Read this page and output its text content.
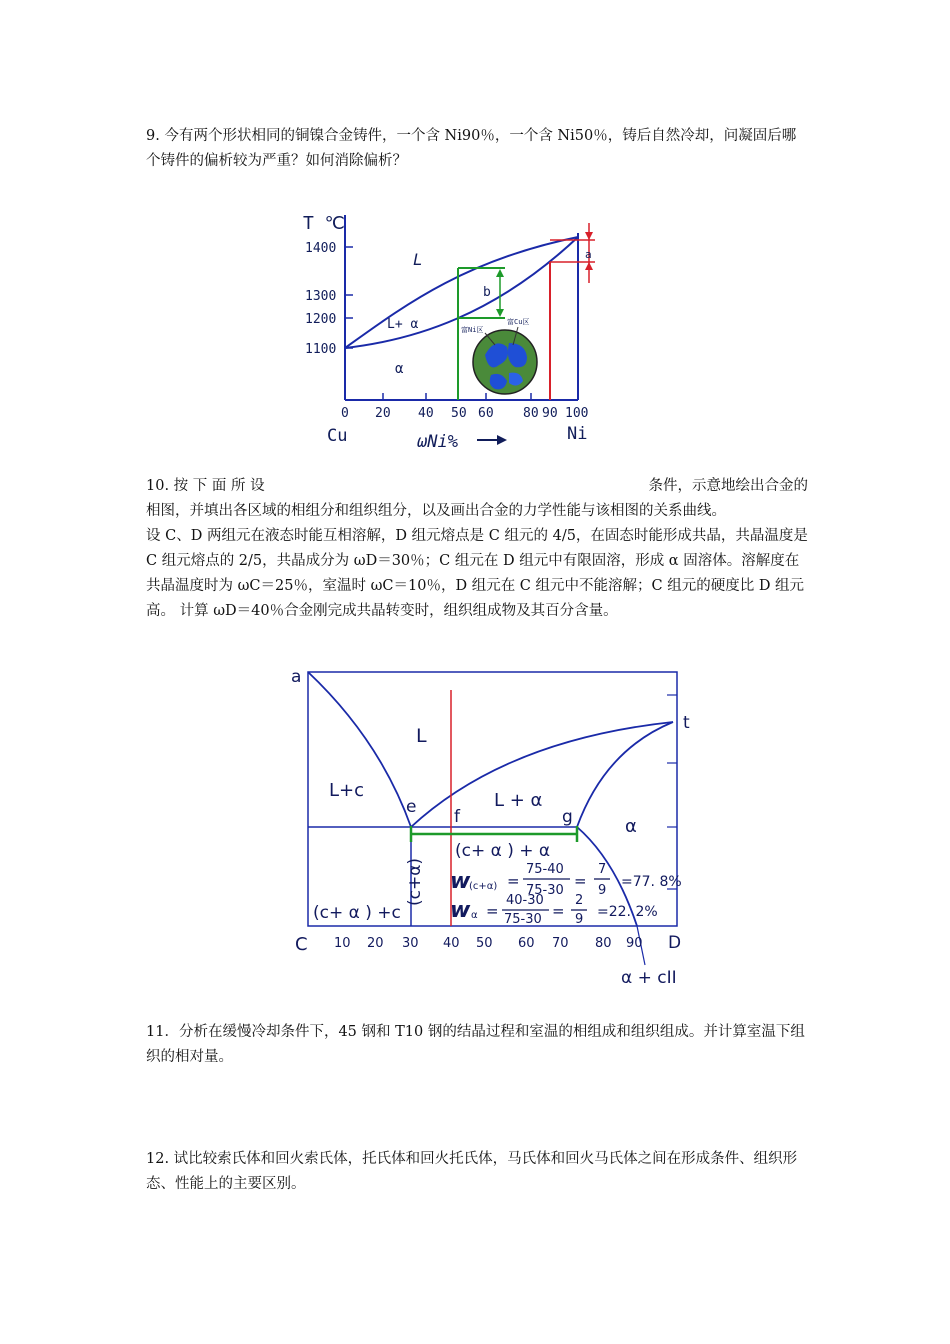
9. 今有两个形状相同的铜镍合金铸件，一个含 Ni90％，一个含 Ni50％，铸后自然冷却，问凝固后哪个铸件的偏析较为严重？如何消除偏析？

T ℃
1400
1300
1200
1100
0 20 40 50 60 80 90 100
Cu	Ni
ωNi%
L
L+ α
α
a
b
富Ni区
富Cu区
10. 按 下 面 所 设	条件，示意地绘出合金的
相图，并填出各区域的相组分和组织组分，以及画出合金的力学性能与该相图的关系曲线。
设 C、D 两组元在液态时能互相溶解，D 组元熔点是 C 组元的 4/5，在固态时能形成共晶，共晶温度是 C 组元熔点的 2/5，共晶成分为 ωD＝30％；C 组元在 D 组元中有限固溶，形成 α 固溶体。溶解度在共晶温度时为 ωC＝25％，室温时 ωC＝10％，D 组元在 C 组元中不能溶解；C 组元的硬度比 D 组元高。 计算 ωD＝40％合金刚完成共晶转变时，组织组成物及其百分含量。
a
t
e f	g
C	D
L
L+c	L + α
α
(c+α)
(c+ α ) + α
(c+ α ) +c
α + cII
10 20 30 40 50 60 70 80 90
w
(c+α) =
75-40
75-30
=
7
9
=77. 8%
w α =
40-30
75-30 =
2
9 =22. 2%

11．分析在缓慢冷却条件下，45 钢和 T10 钢的结晶过程和室温的相组成和组织组成。并计算室温下组织的相对量。

12. 试比较索氏体和回火索氏体，托氏体和回火托氏体，马氏体和回火马氏体之间在形成条件、组织形态、性能上的主要区别。
